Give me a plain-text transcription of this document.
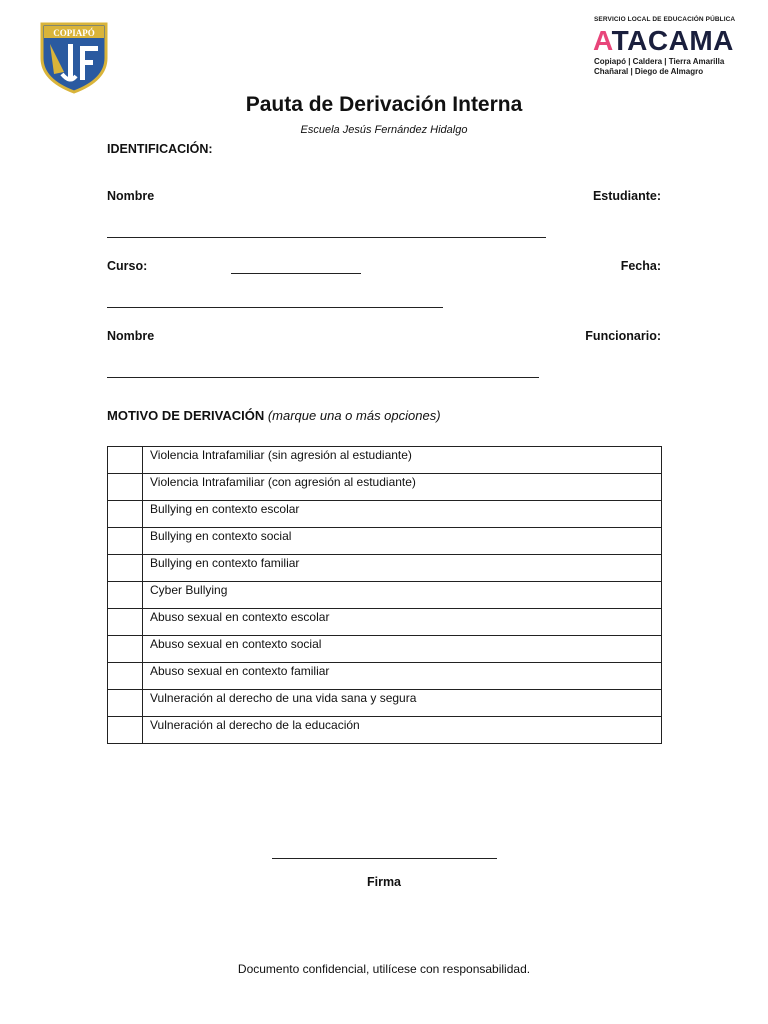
COPIAPÓ
SERVICIO LOCAL DE EDUCACIÓN PÚBLICA
ATACAMA
Copiapó | Caldera | Tierra Amarilla
Chañaral | Diego de Almagro
Pauta de Derivación Interna
Escuela Jesús Fernández Hidalgo
IDENTIFICACIÓN:
Nombre	Estudiante:
Curso:	Fecha:
Nombre	Funcionario:
MOTIVO DE DERIVACIÓN (marque una o más opciones)
	Violencia Intrafamiliar (sin agresión al estudiante)
	Violencia Intrafamiliar (con agresión al estudiante)
	Bullying en contexto escolar
	Bullying en contexto social
	Bullying en contexto familiar
	Cyber Bullying
	Abuso sexual en contexto escolar
	Abuso sexual en contexto social
	Abuso sexual en contexto familiar
	Vulneración al derecho de una vida sana y segura
	Vulneración al derecho de la educación
Firma
Documento confidencial, utilícese con responsabilidad.
